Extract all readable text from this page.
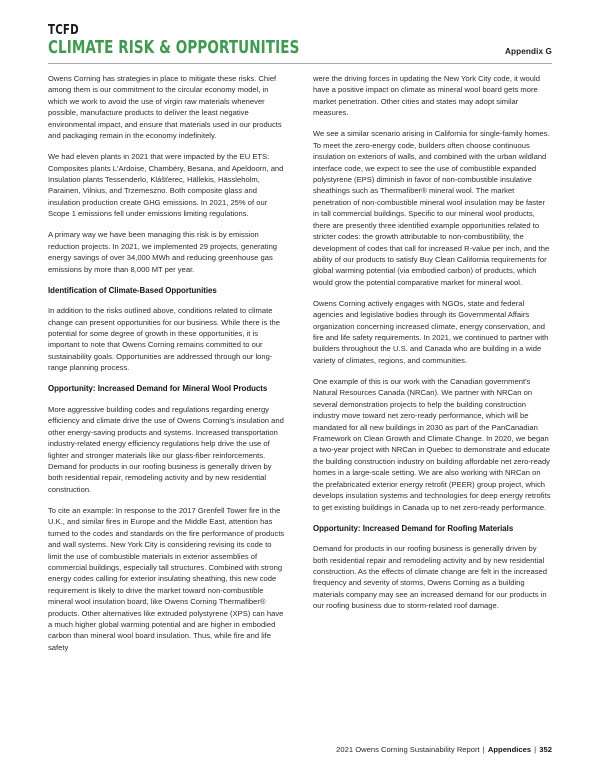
TCFD
CLIMATE RISK & OPPORTUNITIES	Appendix G

Owens Corning has strategies in place to mitigate these risks. Chief among them is our commitment to the circular economy model, in which we work to avoid the use of virgin raw materials whenever possible, manufacture products to deliver the least negative environmental impact, and ensure that materials used in our products and packaging remain in the economy indefinitely.

We had eleven plants in 2021 that were impacted by the EU ETS: Composites plants L'Ardoise, Chambéry, Besana, and Apeldoorn, and Insulation plants Tessenderlo, Klášťerec, Hällekis, Hässleholm, Parainen, Vilnius, and Trzemeszno. Both composite glass and insulation production create GHG emissions. In 2021, 25% of our Scope 1 emissions fell under emissions limiting regulations.

A primary way we have been managing this risk is by emission reduction projects. In 2021, we implemented 29 projects, generating energy savings of over 34,000 MWh and reducing greenhouse gas emissions by more than 8,000 MT per year.

Identification of Climate-Based Opportunities

In addition to the risks outlined above, conditions related to climate change can present opportunities for our business. While there is the potential for some degree of growth in these opportunities, it is important to note that Owens Corning remains committed to our sustainability goals. Opportunities are addressed through our long-range planning process.

Opportunity: Increased Demand for Mineral Wool Products

More aggressive building codes and regulations regarding energy efficiency and climate drive the use of Owens Corning's insulation and other energy-saving products and systems. Increased transportation industry-related energy efficiency regulations help drive the use of lighter and stronger materials like our glass-fiber reinforcements. Demand for products in our roofing business is generally driven by both residential repair, remodeling activity and by new residential construction.

To cite an example: In response to the 2017 Grenfell Tower fire in the U.K., and similar fires in Europe and the Middle East, attention has turned to the codes and standards on the fire performance of products and wall systems. New York City is considering revising its code to limit the use of combustible materials in exterior assemblies of commercial buildings, especially tall structures. Combined with strong energy codes calling for exterior insulating sheathing, this new code requirement is likely to drive the market toward non-combustible mineral wool insulation board, like Owens Corning Thermafiber® products. Other alternatives like extruded polystyrene (XPS) can have a much higher global warming potential and are higher in embodied carbon than mineral wool board insulation. Thus, while fire and life safety

were the driving forces in updating the New York City code, it would have a positive impact on climate as mineral wool board gets more market penetration. Other cities and states may adopt similar measures.

We see a similar scenario arising in California for single-family homes. To meet the zero-energy code, builders often choose continuous insulation on exteriors of walls, and combined with the urban wildland interface code, we expect to see the use of combustible expanded polystyrene (EPS) diminish in favor of non-combustible insulative sheathings such as Thermafiber® mineral wool. The market penetration of non-combustible mineral wool insulation may be faster in tall commercial buildings. Specific to our mineral wool products, there are presently three identified example opportunities related to stricter codes: the growth attributable to non-combustibility, the development of codes that call for increased R-value per inch, and the ability of our products to satisfy Buy Clean California requirements for global warming potential (via embodied carbon) of products, which would grow the potential comparative market for mineral wool.

Owens Corning actively engages with NGOs, state and federal agencies and legislative bodies through its Governmental Affairs organization concerning increased climate, energy conservation, and fire and life safety requirements. In 2021, we continued to partner with builders throughout the U.S. and Canada who are building in a wide variety of climates, regions, and communities.

One example of this is our work with the Canadian government's Natural Resources Canada (NRCan). We partner with NRCan on several demonstration projects to help the building construction industry move toward net zero-ready performance, which will be mandated for all new buildings in 2030 as part of the PanCanadian Framework on Clean Growth and Climate Change. In 2020, we began a two-year project with NRCan in Quebec to demonstrate and educate the building construction industry on building affordable net zero-ready homes in a large-scale setting. We are also working with NRCan on the prefabricated exterior energy retrofit (PEER) group project, which develops insulation systems and technologies for deep energy retrofits to get existing buildings in Canada up to net zero-ready performance.

Opportunity: Increased Demand for Roofing Materials

Demand for products in our roofing business is generally driven by both residential repair and remodeling activity and by new residential construction. As the effects of climate change are felt in the increased frequency and severity of storms, Owens Corning as a building materials company may see an increased demand for our products in our roofing business due to storm-related roof damage.

2021 Owens Corning Sustainability Report | Appendices | 352
